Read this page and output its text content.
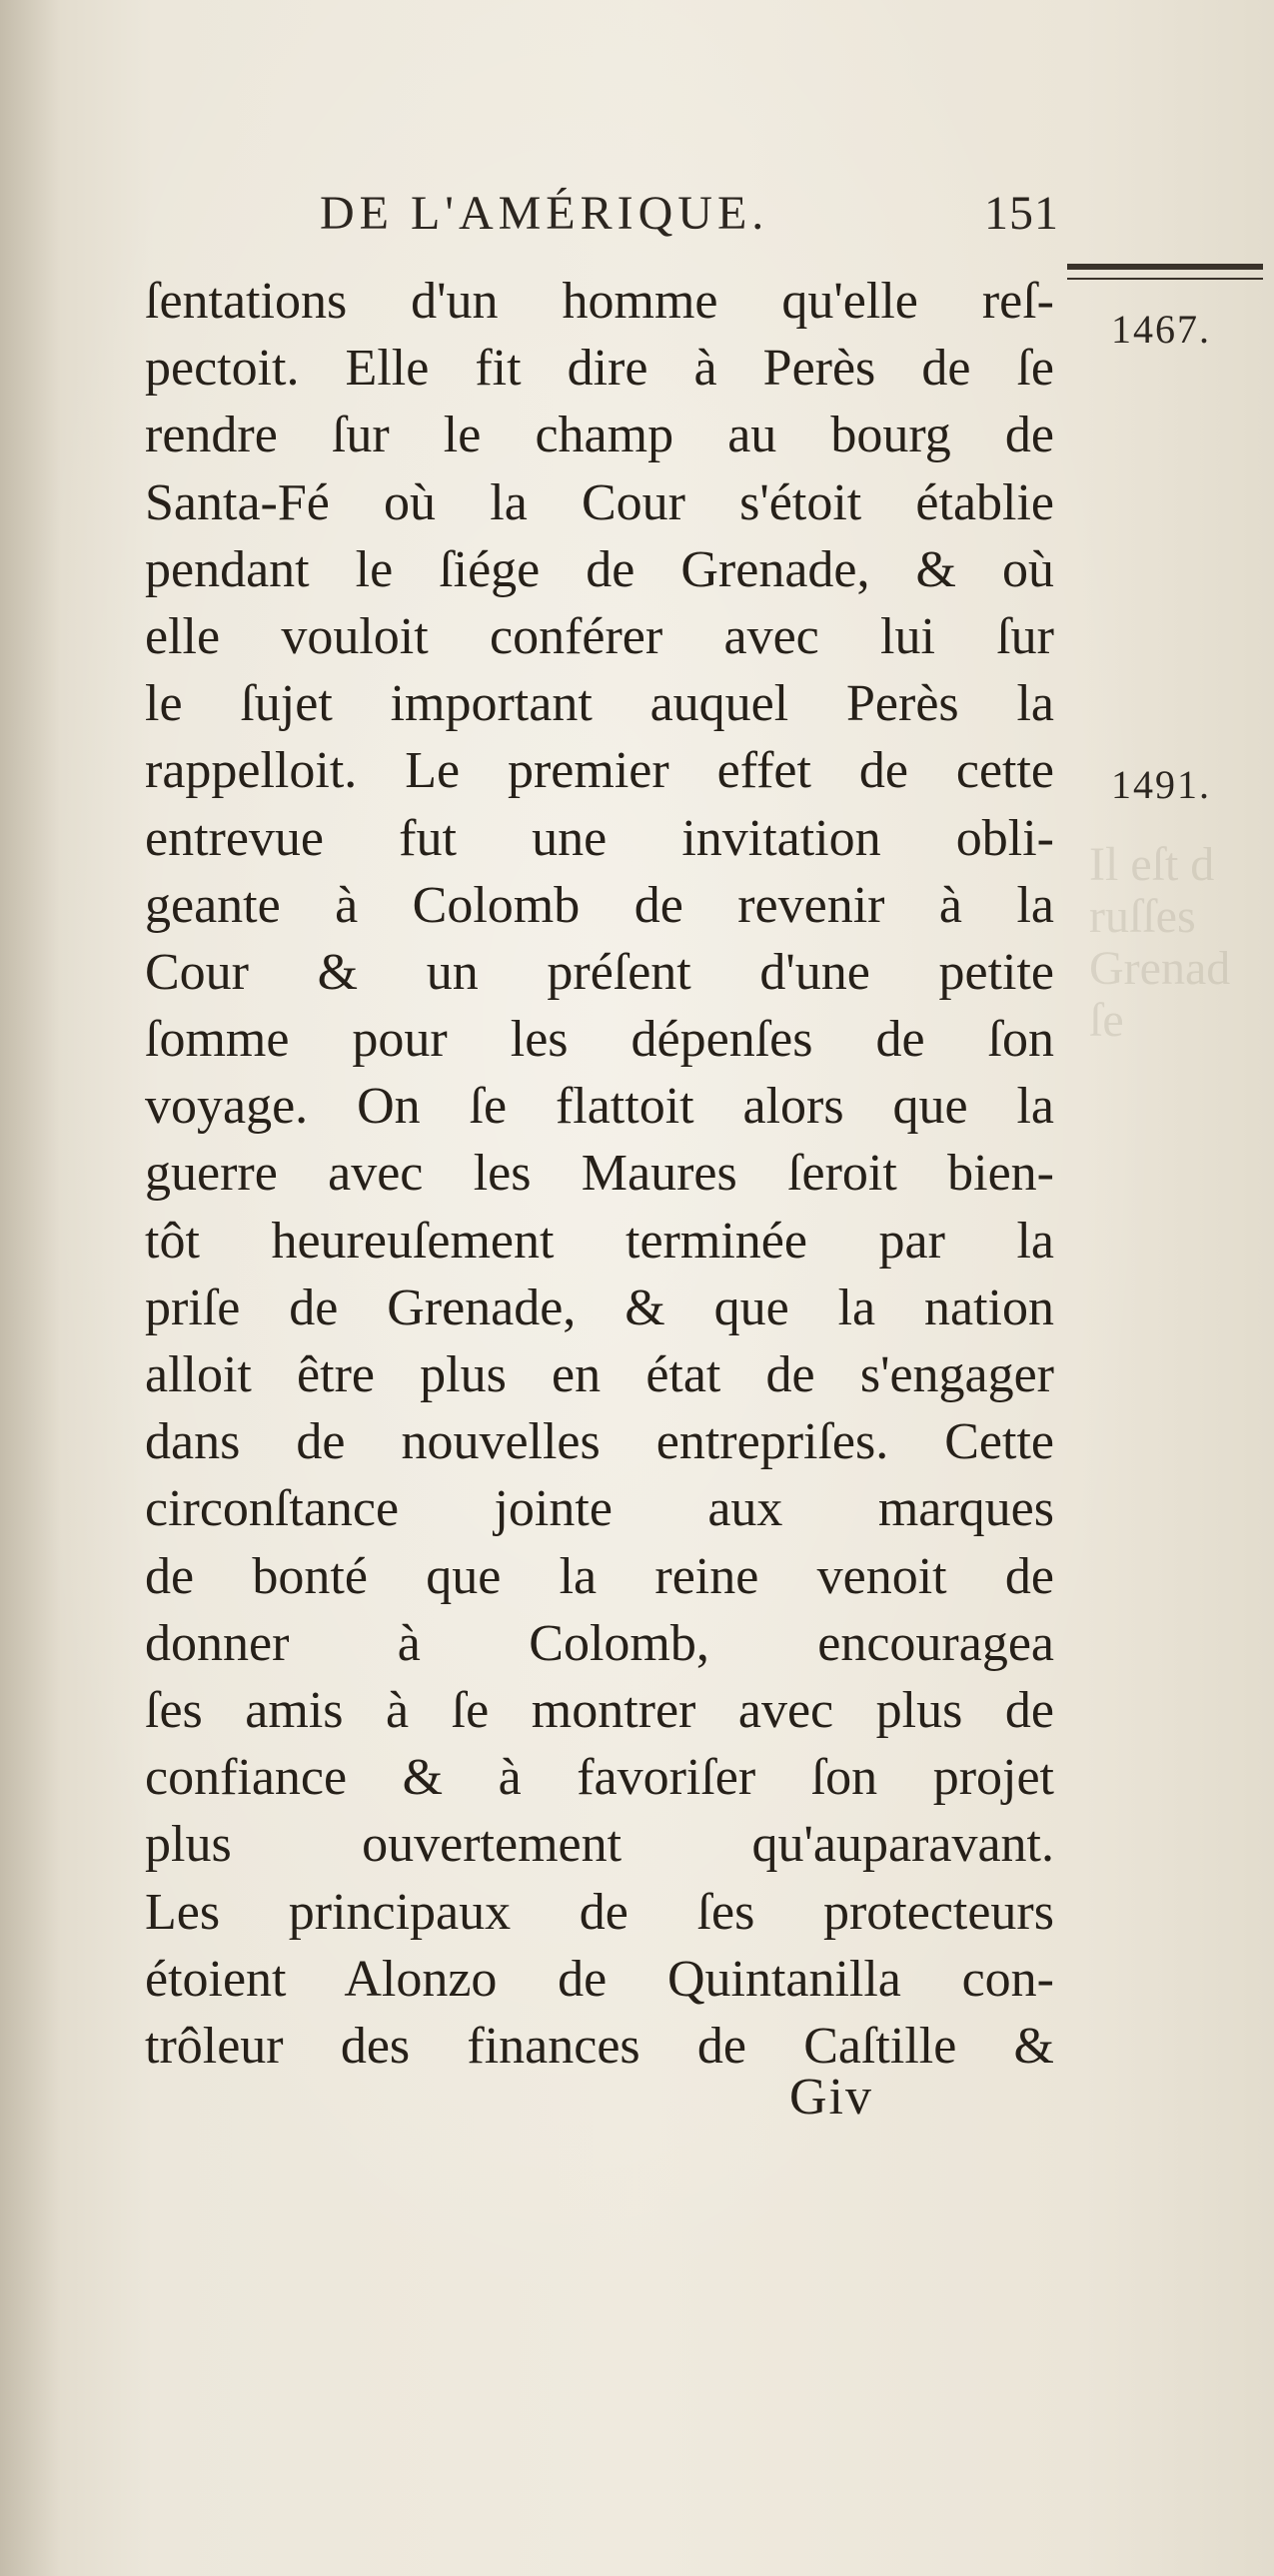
Il eſt d
ruſſes
Grenad
ſe
DE L'AMÉRIQUE.	151
1467.
1491.
ſentations d'un homme qu'elle reſ-
pectoit. Elle fit dire à Perès de ſe
rendre ſur le champ au bourg de
Santa-Fé où la Cour s'étoit établie
pendant le ſiége de Grenade, & où
elle vouloit conférer avec lui ſur
le ſujet important auquel Perès la
rappelloit. Le premier effet de cette
entrevue fut une invitation obli-
geante à Colomb de revenir à la
Cour & un préſent d'une petite
ſomme pour les dépenſes de ſon
voyage. On ſe flattoit alors que la
guerre avec les Maures ſeroit bien-
tôt heureuſement terminée par la
priſe de Grenade, & que la nation
alloit être plus en état de s'engager
dans de nouvelles entrepriſes. Cette
circonſtance jointe aux marques
de bonté que la reine venoit de
donner à Colomb, encouragea
ſes amis à ſe montrer avec plus de
confiance & à favoriſer ſon projet
plus ouvertement qu'auparavant.
Les principaux de ſes protecteurs
étoient Alonzo de Quintanilla con-
trôleur des finances de Caſtille &
Giv
